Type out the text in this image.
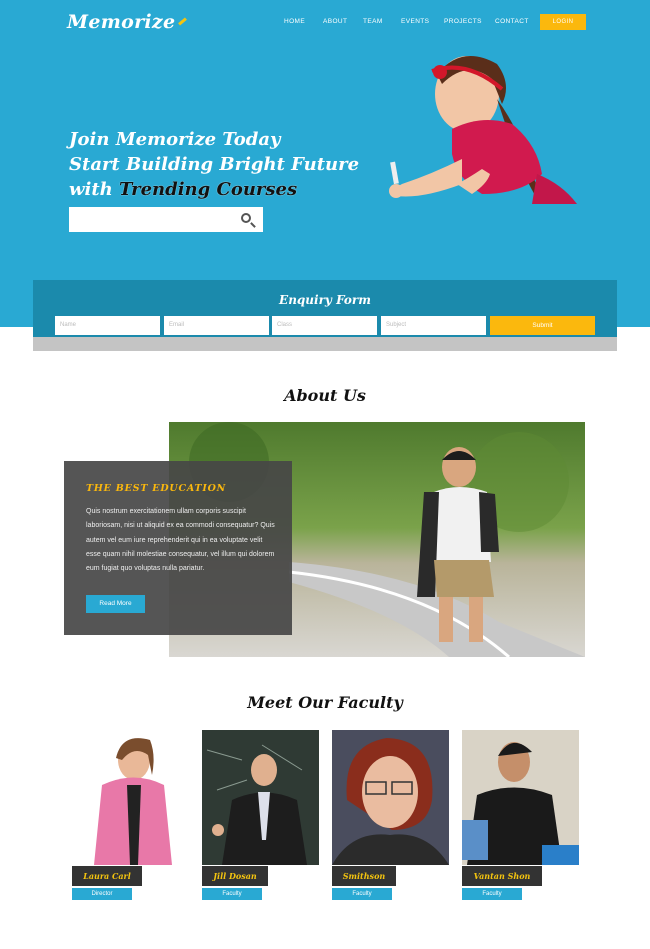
Memorize	HOME	ABOUT TEAM	EVENTS PROJECTS CONTACT	LOGIN
Join Memorize Today
Start Building Bright Future
with Trending Courses
Enquiry Form
Name	Email	Class	Subject	Submit
About Us
THE BEST EDUCATION
Quis nostrum exercitationem ullam corporis suscipit laboriosam, nisi ut aliquid ex ea commodi consequatur? Quis autem vel eum iure reprehenderit qui in ea voluptate velit esse quam nihil molestiae consequatur, vel illum qui dolorem eum fugiat quo voluptas nulla pariatur.
Read More
Meet Our Faculty
Laura Carl
Director
Jill Dosan
Faculty
Smithson
Faculty
Vantan Shon
Faculty
